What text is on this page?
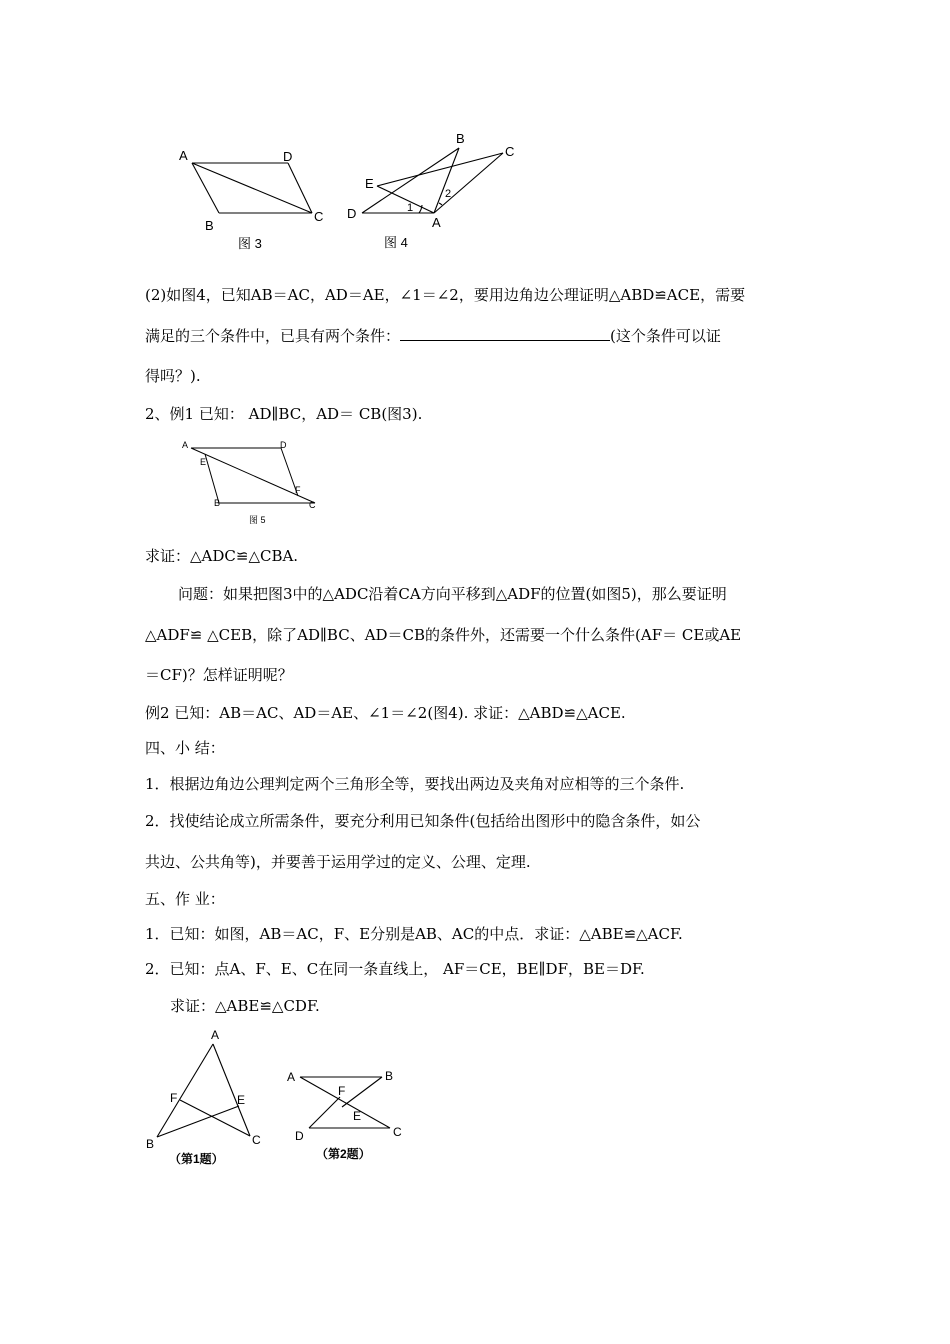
A	D
B
C
图 3
B
C
E
D
A
1
2
图 4
(2)如图4，已知AB＝AC，AD＝AE，∠1＝∠2，要用边角边公理证明△ABD≌ACE，需要
满足的三个条件中，已具有两个条件：	(这个条件可以证
得吗？).
2、例1 已知： AD∥BC，AD＝ CB(图3).
A	D
E
F
B	C
图 5
求证：△ADC≌△CBA.
问题：如果把图3中的△ADC沿着CA方向平移到△ADF的位置(如图5)，那么要证明
△ADF≌ △CEB，除了AD∥BC、AD＝CB的条件外，还需要一个什么条件(AF＝ CE或AE
＝CF)？怎样证明呢？
例2 已知：AB＝AC、AD＝AE、∠1＝∠2(图4). 求证：△ABD≌△ACE.
四、小 结：
1．根据边角边公理判定两个三角形全等，要找出两边及夹角对应相等的三个条件.
2．找使结论成立所需条件，要充分利用已知条件(包括给出图形中的隐含条件，如公
共边、公共角等)，并要善于运用学过的定义、公理、定理.
五、作 业：
1．已知：如图，AB＝AC，F、E分别是AB、AC的中点．求证：△ABE≌△ACF.
2．已知：点A、F、E、C在同一条直线上， AF＝CE，BE∥DF，BE＝DF.
求证：△ABE≌△CDF.
A
F	E
B	C
（第1题）
A	B
F
E
D	C
（第2题）
